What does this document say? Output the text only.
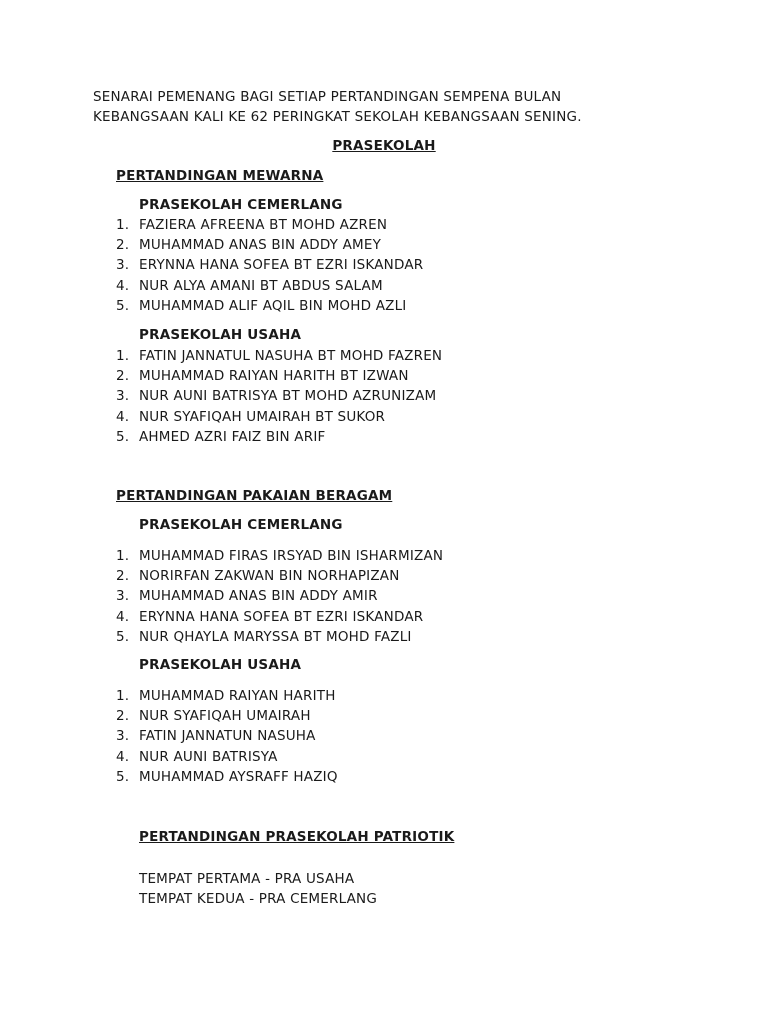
SENARAI PEMENANG BAGI SETIAP PERTANDINGAN SEMPENA BULAN
KEBANGSAAN KALI KE 62 PERINGKAT SEKOLAH KEBANGSAAN SENING.
PRASEKOLAH
PERTANDINGAN MEWARNA
PRASEKOLAH CEMERLANG
1. FAZIERA AFREENA BT MOHD AZREN
2. MUHAMMAD ANAS BIN ADDY AMEY
3. ERYNNA HANA SOFEA BT EZRI ISKANDAR
4. NUR ALYA AMANI BT ABDUS SALAM
5. MUHAMMAD ALIF AQIL BIN MOHD AZLI
PRASEKOLAH USAHA
1. FATIN JANNATUL NASUHA BT MOHD FAZREN
2. MUHAMMAD RAIYAN HARITH BT IZWAN
3. NUR AUNI BATRISYA BT MOHD AZRUNIZAM
4. NUR SYAFIQAH UMAIRAH BT SUKOR
5. AHMED AZRI FAIZ BIN ARIF
PERTANDINGAN PAKAIAN BERAGAM
PRASEKOLAH CEMERLANG
1. MUHAMMAD FIRAS IRSYAD BIN ISHARMIZAN
2. NORIRFAN ZAKWAN BIN NORHAPIZAN
3. MUHAMMAD ANAS BIN ADDY AMIR
4. ERYNNA HANA SOFEA BT EZRI ISKANDAR
5. NUR QHAYLA MARYSSA BT MOHD FAZLI
PRASEKOLAH USAHA
1. MUHAMMAD RAIYAN HARITH
2. NUR SYAFIQAH UMAIRAH
3. FATIN JANNATUN NASUHA
4. NUR AUNI BATRISYA
5. MUHAMMAD AYSRAFF HAZIQ
PERTANDINGAN PRASEKOLAH PATRIOTIK
TEMPAT PERTAMA - PRA USAHA
TEMPAT KEDUA - PRA CEMERLANG
